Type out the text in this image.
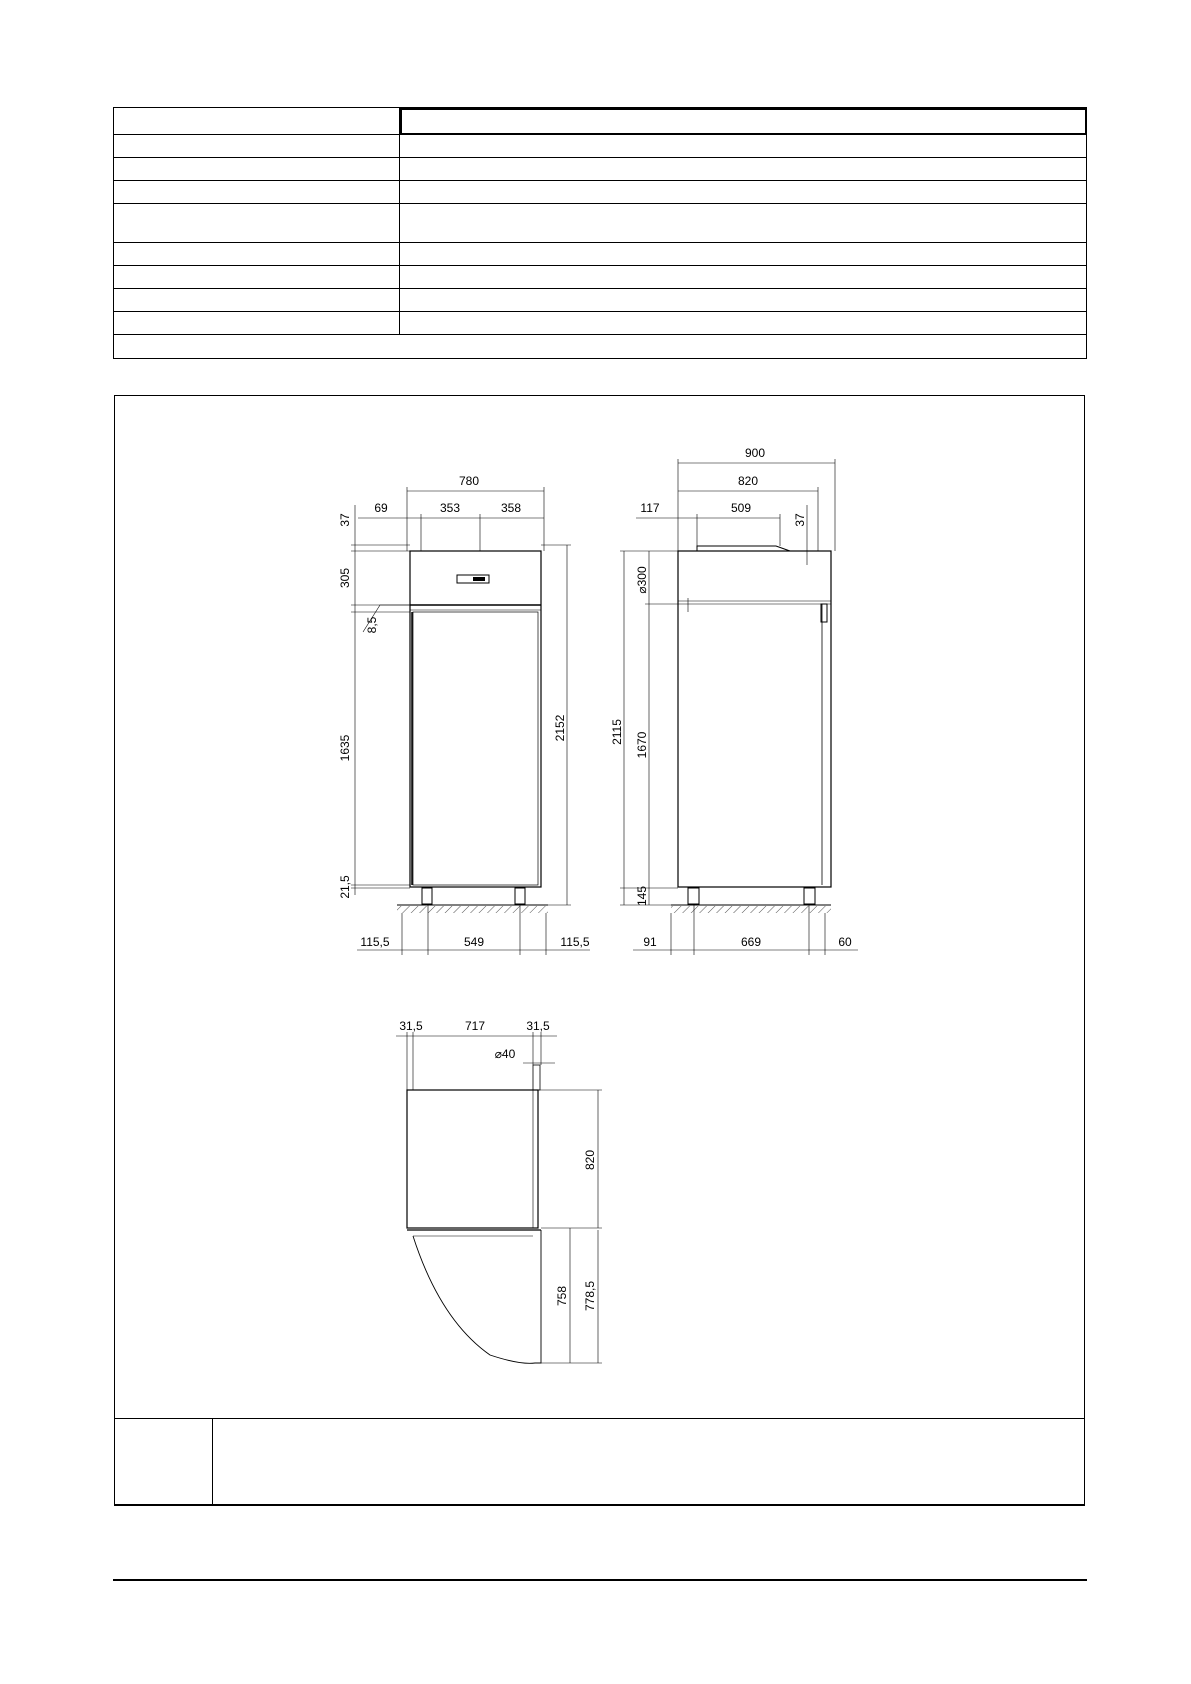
780
69	353	358
37
305
8,5
1635
21,5
2152
115,5	549	115,5
900
820
117	509
37
⌀300
2115 1670
145
91	669	60
31,5	717	31,5
⌀40
820
758 778,5
